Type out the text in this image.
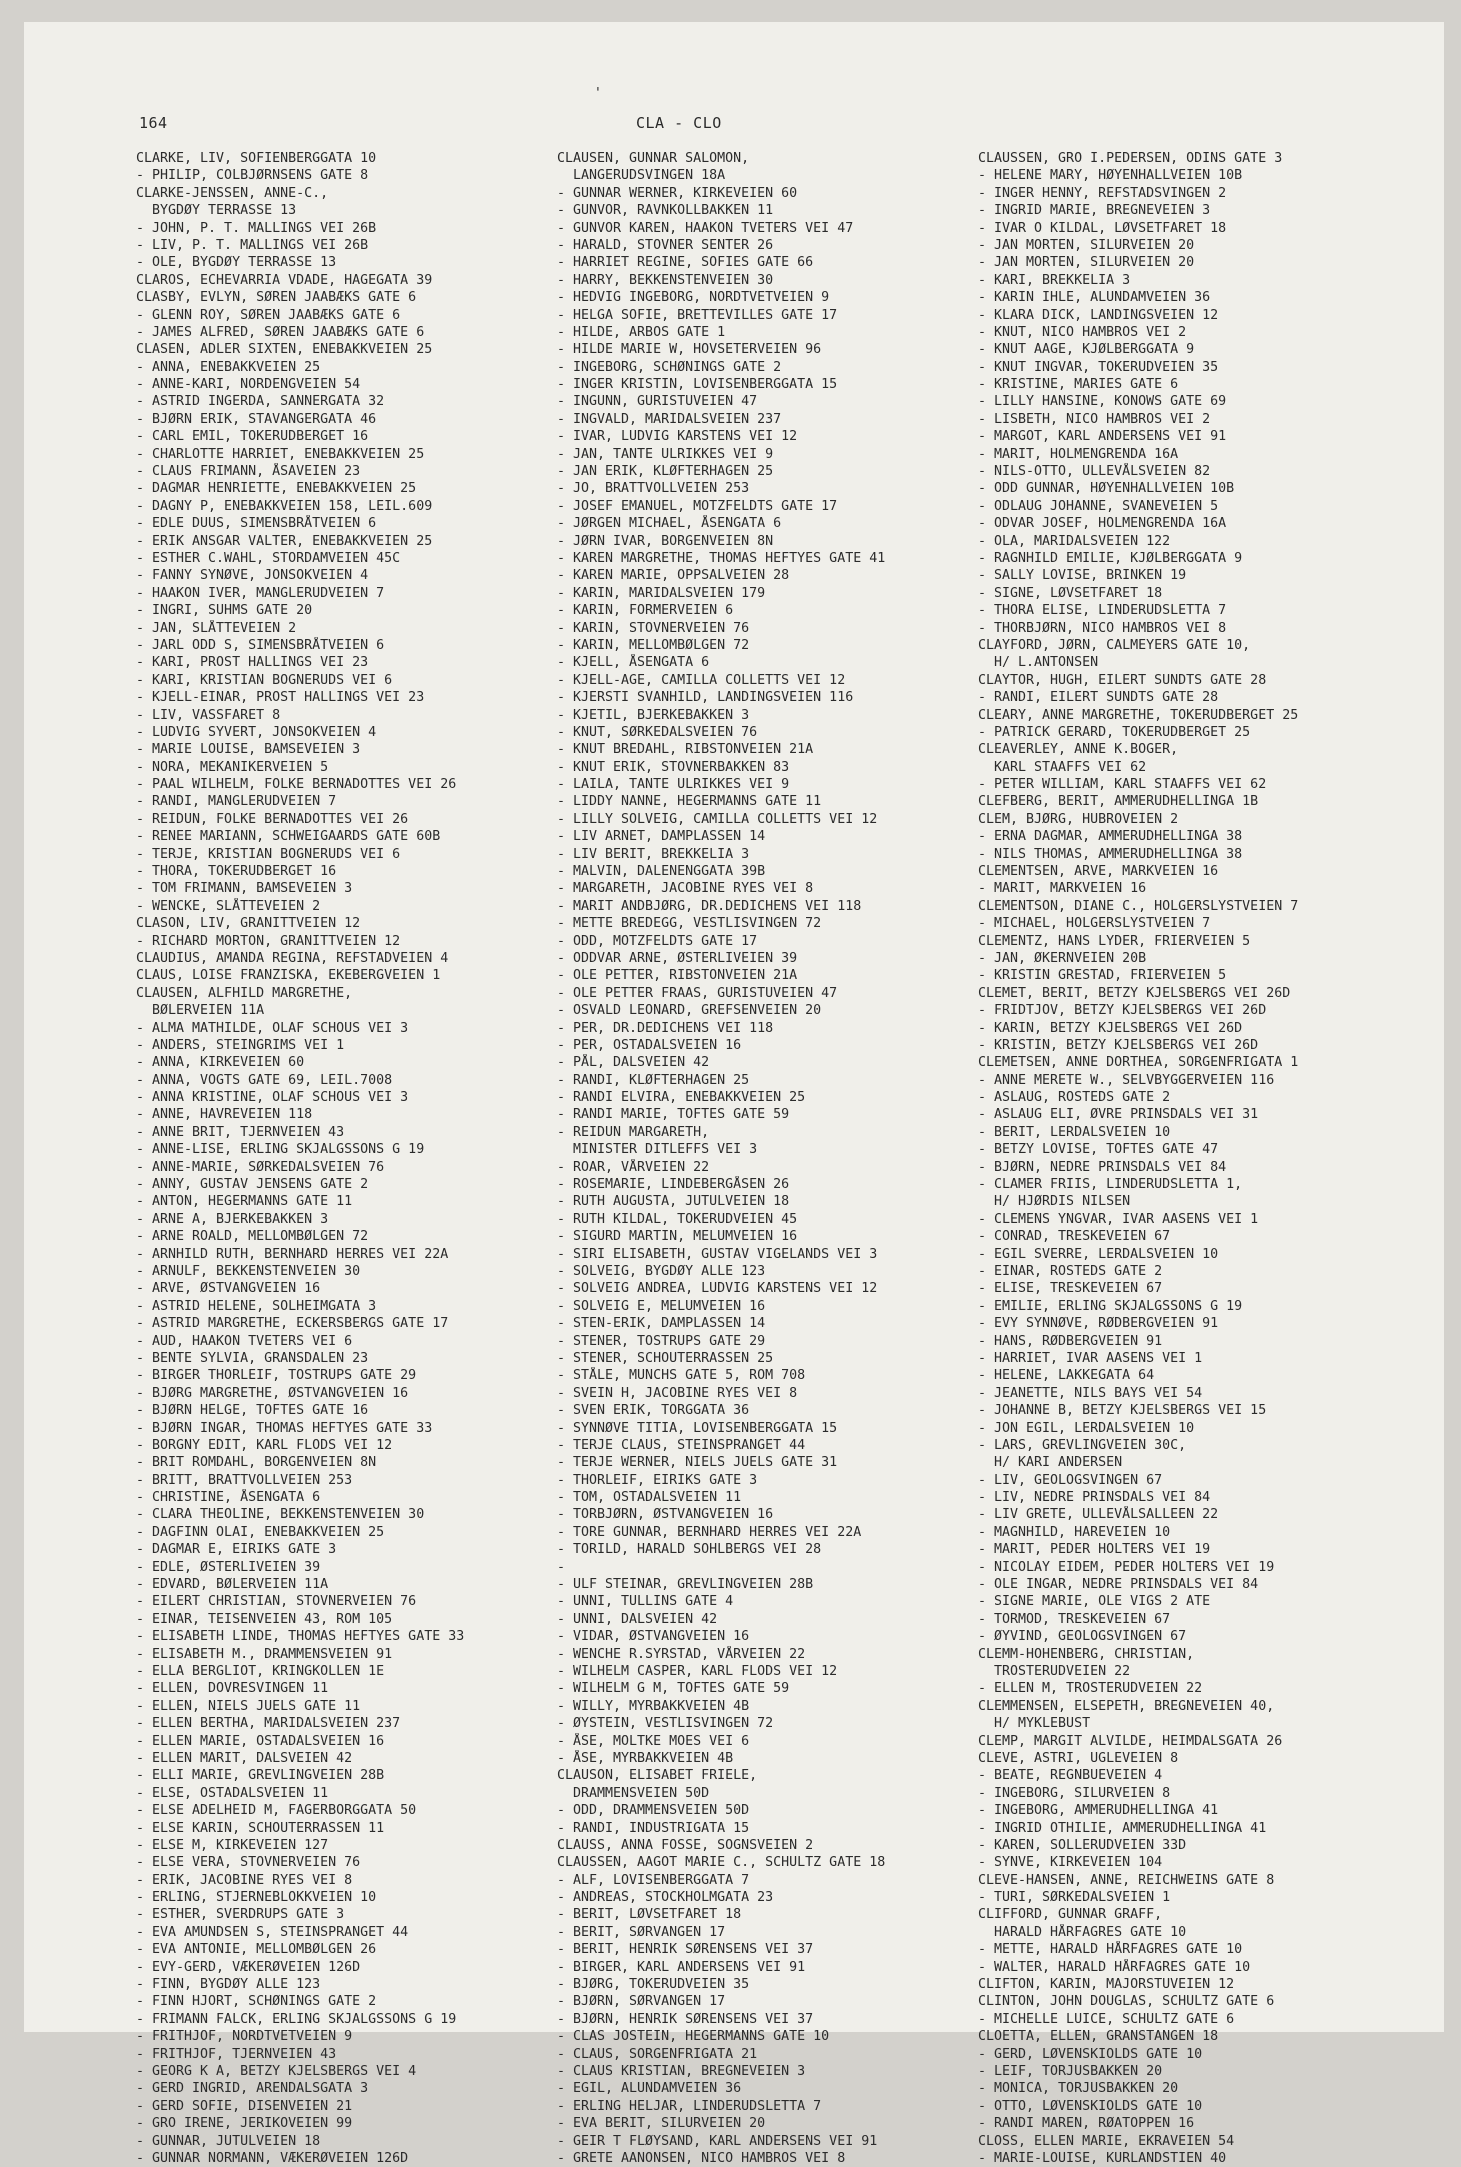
164
'
CLA - CLO
CLARKE, LIV, SOFIENBERGGATA 10
- PHILIP, COLBJØRNSENS GATE 8
CLARKE-JENSSEN, ANNE-C.,
BYGDØY TERRASSE 13
- JOHN, P. T. MALLINGS VEI 26B
- LIV, P. T. MALLINGS VEI 26B
- OLE, BYGDØY TERRASSE 13
CLAROS, ECHEVARRIA VDADE, HAGEGATA 39
CLASBY, EVLYN, SØREN JAABÆKS GATE 6
- GLENN ROY, SØREN JAABÆKS GATE 6
- JAMES ALFRED, SØREN JAABÆKS GATE 6
CLASEN, ADLER SIXTEN, ENEBAKKVEIEN 25
- ANNA, ENEBAKKVEIEN 25
- ANNE-KARI, NORDENGVEIEN 54
- ASTRID INGERDA, SANNERGATA 32
- BJØRN ERIK, STAVANGERGATA 46
- CARL EMIL, TOKERUDBERGET 16
- CHARLOTTE HARRIET, ENEBAKKVEIEN 25
- CLAUS FRIMANN, ÅSAVEIEN 23
- DAGMAR HENRIETTE, ENEBAKKVEIEN 25
- DAGNY P, ENEBAKKVEIEN 158, LEIL.609
- EDLE DUUS, SIMENSBRÅTVEIEN 6
- ERIK ANSGAR VALTER, ENEBAKKVEIEN 25
- ESTHER C.WAHL, STORDAMVEIEN 45C
- FANNY SYNØVE, JONSOKVEIEN 4
- HAAKON IVER, MANGLERUDVEIEN 7
- INGRI, SUHMS GATE 20
- JAN, SLÅTTEVEIEN 2
- JARL ODD S, SIMENSBRÅTVEIEN 6
- KARI, PROST HALLINGS VEI 23
- KARI, KRISTIAN BOGNERUDS VEI 6
- KJELL-EINAR, PROST HALLINGS VEI 23
- LIV, VASSFARET 8
- LUDVIG SYVERT, JONSOKVEIEN 4
- MARIE LOUISE, BAMSEVEIEN 3
- NORA, MEKANIKERVEIEN 5
- PAAL WILHELM, FOLKE BERNADOTTES VEI 26
- RANDI, MANGLERUDVEIEN 7
- REIDUN, FOLKE BERNADOTTES VEI 26
- RENEE MARIANN, SCHWEIGAARDS GATE 60B
- TERJE, KRISTIAN BOGNERUDS VEI 6
- THORA, TOKERUDBERGET 16
- TOM FRIMANN, BAMSEVEIEN 3
- WENCKE, SLÅTTEVEIEN 2
CLASON, LIV, GRANITTVEIEN 12
- RICHARD MORTON, GRANITTVEIEN 12
CLAUDIUS, AMANDA REGINA, REFSTADVEIEN 4
CLAUS, LOISE FRANZISKA, EKEBERGVEIEN 1
CLAUSEN, ALFHILD MARGRETHE,
BØLERVEIEN 11A
- ALMA MATHILDE, OLAF SCHOUS VEI 3
- ANDERS, STEINGRIMS VEI 1
- ANNA, KIRKEVEIEN 60
- ANNA, VOGTS GATE 69, LEIL.7008
- ANNA KRISTINE, OLAF SCHOUS VEI 3
- ANNE, HAVREVEIEN 118
- ANNE BRIT, TJERNVEIEN 43
- ANNE-LISE, ERLING SKJALGSSONS G 19
- ANNE-MARIE, SØRKEDALSVEIEN 76
- ANNY, GUSTAV JENSENS GATE 2
- ANTON, HEGERMANNS GATE 11
- ARNE A, BJERKEBAKKEN 3
- ARNE ROALD, MELLOMBØLGEN 72
- ARNHILD RUTH, BERNHARD HERRES VEI 22A
- ARNULF, BEKKENSTENVEIEN 30
- ARVE, ØSTVANGVEIEN 16
- ASTRID HELENE, SOLHEIMGATA 3
- ASTRID MARGRETHE, ECKERSBERGS GATE 17
- AUD, HAAKON TVETERS VEI 6
- BENTE SYLVIA, GRANSDALEN 23
- BIRGER THORLEIF, TOSTRUPS GATE 29
- BJØRG MARGRETHE, ØSTVANGVEIEN 16
- BJØRN HELGE, TOFTES GATE 16
- BJØRN INGAR, THOMAS HEFTYES GATE 33
- BORGNY EDIT, KARL FLODS VEI 12
- BRIT ROMDAHL, BORGENVEIEN 8N
- BRITT, BRATTVOLLVEIEN 253
- CHRISTINE, ÅSENGATA 6
- CLARA THEOLINE, BEKKENSTENVEIEN 30
- DAGFINN OLAI, ENEBAKKVEIEN 25
- DAGMAR E, EIRIKS GATE 3
- EDLE, ØSTERLIVEIEN 39
- EDVARD, BØLERVEIEN 11A
- EILERT CHRISTIAN, STOVNERVEIEN 76
- EINAR, TEISENVEIEN 43, ROM 105
- ELISABETH LINDE, THOMAS HEFTYES GATE 33
- ELISABETH M., DRAMMENSVEIEN 91
- ELLA BERGLIOT, KRINGKOLLEN 1E
- ELLEN, DOVRESVINGEN 11
- ELLEN, NIELS JUELS GATE 11
- ELLEN BERTHA, MARIDALSVEIEN 237
- ELLEN MARIE, OSTADALSVEIEN 16
- ELLEN MARIT, DALSVEIEN 42
- ELLI MARIE, GREVLINGVEIEN 28B
- ELSE, OSTADALSVEIEN 11
- ELSE ADELHEID M, FAGERBORGGATA 50
- ELSE KARIN, SCHOUTERRASSEN 11
- ELSE M, KIRKEVEIEN 127
- ELSE VERA, STOVNERVEIEN 76
- ERIK, JACOBINE RYES VEI 8
- ERLING, STJERNEBLOKKVEIEN 10
- ESTHER, SVERDRUPS GATE 3
- EVA AMUNDSEN S, STEINSPRANGET 44
- EVA ANTONIE, MELLOMBØLGEN 26
- EVY-GERD, VÆKERØVEIEN 126D
- FINN, BYGDØY ALLE 123
- FINN HJORT, SCHØNINGS GATE 2
- FRIMANN FALCK, ERLING SKJALGSSONS G 19
- FRITHJOF, NORDTVETVEIEN 9
- FRITHJOF, TJERNVEIEN 43
- GEORG K A, BETZY KJELSBERGS VEI 4
- GERD INGRID, ARENDALSGATA 3
- GERD SOFIE, DISENVEIEN 21
- GRO IRENE, JERIKOVEIEN 99
- GUNNAR, JUTULVEIEN 18
- GUNNAR NORMANN, VÆKERØVEIEN 126D
CLAUSEN, GUNNAR SALOMON,
LANGERUDSVINGEN 18A
- GUNNAR WERNER, KIRKEVEIEN 60
- GUNVOR, RAVNKOLLBAKKEN 11
- GUNVOR KAREN, HAAKON TVETERS VEI 47
- HARALD, STOVNER SENTER 26
- HARRIET REGINE, SOFIES GATE 66
- HARRY, BEKKENSTENVEIEN 30
- HEDVIG INGEBORG, NORDTVETVEIEN 9
- HELGA SOFIE, BRETTEVILLES GATE 17
- HILDE, ARBOS GATE 1
- HILDE MARIE W, HOVSETERVEIEN 96
- INGEBORG, SCHØNINGS GATE 2
- INGER KRISTIN, LOVISENBERGGATA 15
- INGUNN, GURISTUVEIEN 47
- INGVALD, MARIDALSVEIEN 237
- IVAR, LUDVIG KARSTENS VEI 12
- JAN, TANTE ULRIKKES VEI 9
- JAN ERIK, KLØFTERHAGEN 25
- JO, BRATTVOLLVEIEN 253
- JOSEF EMANUEL, MOTZFELDTS GATE 17
- JØRGEN MICHAEL, ÅSENGATA 6
- JØRN IVAR, BORGENVEIEN 8N
- KAREN MARGRETHE, THOMAS HEFTYES GATE 41
- KAREN MARIE, OPPSALVEIEN 28
- KARIN, MARIDALSVEIEN 179
- KARIN, FORMERVEIEN 6
- KARIN, STOVNERVEIEN 76
- KARIN, MELLOMBØLGEN 72
- KJELL, ÅSENGATA 6
- KJELL-AGE, CAMILLA COLLETTS VEI 12
- KJERSTI SVANHILD, LANDINGSVEIEN 116
- KJETIL, BJERKEBAKKEN 3
- KNUT, SØRKEDALSVEIEN 76
- KNUT BREDAHL, RIBSTONVEIEN 21A
- KNUT ERIK, STOVNERBAKKEN 83
- LAILA, TANTE ULRIKKES VEI 9
- LIDDY NANNE, HEGERMANNS GATE 11
- LILLY SOLVEIG, CAMILLA COLLETTS VEI 12
- LIV ARNET, DAMPLASSEN 14
- LIV BERIT, BREKKELIA 3
- MALVIN, DALENENGGATA 39B
- MARGARETH, JACOBINE RYES VEI 8
- MARIT ANDBJØRG, DR.DEDICHENS VEI 118
- METTE BREDEGG, VESTLISVINGEN 72
- ODD, MOTZFELDTS GATE 17
- ODDVAR ARNE, ØSTERLIVEIEN 39
- OLE PETTER, RIBSTONVEIEN 21A
- OLE PETTER FRAAS, GURISTUVEIEN 47
- OSVALD LEONARD, GREFSENVEIEN 20
- PER, DR.DEDICHENS VEI 118
- PER, OSTADALSVEIEN 16
- PÅL, DALSVEIEN 42
- RANDI, KLØFTERHAGEN 25
- RANDI ELVIRA, ENEBAKKVEIEN 25
- RANDI MARIE, TOFTES GATE 59
- REIDUN MARGARETH,
MINISTER DITLEFFS VEI 3
- ROAR, VÅRVEIEN 22
- ROSEMARIE, LINDEBERGÅSEN 26
- RUTH AUGUSTA, JUTULVEIEN 18
- RUTH KILDAL, TOKERUDVEIEN 45
- SIGURD MARTIN, MELUMVEIEN 16
- SIRI ELISABETH, GUSTAV VIGELANDS VEI 3
- SOLVEIG, BYGDØY ALLE 123
- SOLVEIG ANDREA, LUDVIG KARSTENS VEI 12
- SOLVEIG E, MELUMVEIEN 16
- STEN-ERIK, DAMPLASSEN 14
- STENER, TOSTRUPS GATE 29
- STENER, SCHOUTERRASSEN 25
- STÅLE, MUNCHS GATE 5, ROM 708
- SVEIN H, JACOBINE RYES VEI 8
- SVEN ERIK, TORGGATA 36
- SYNNØVE TITIA, LOVISENBERGGATA 15
- TERJE CLAUS, STEINSPRANGET 44
- TERJE WERNER, NIELS JUELS GATE 31
- THORLEIF, EIRIKS GATE 3
- TOM, OSTADALSVEIEN 11
- TORBJØRN, ØSTVANGVEIEN 16
- TORE GUNNAR, BERNHARD HERRES VEI 22A
- TORILD, HARALD SOHLBERGS VEI 28
-
- ULF STEINAR, GREVLINGVEIEN 28B
- UNNI, TULLINS GATE 4
- UNNI, DALSVEIEN 42
- VIDAR, ØSTVANGVEIEN 16
- WENCHE R.SYRSTAD, VÅRVEIEN 22
- WILHELM CASPER, KARL FLODS VEI 12
- WILHELM G M, TOFTES GATE 59
- WILLY, MYRBAKKVEIEN 4B
- ØYSTEIN, VESTLISVINGEN 72
- ÅSE, MOLTKE MOES VEI 6
- ÅSE, MYRBAKKVEIEN 4B
CLAUSON, ELISABET FRIELE,
DRAMMENSVEIEN 50D
- ODD, DRAMMENSVEIEN 50D
- RANDI, INDUSTRIGATA 15
CLAUSS, ANNA FOSSE, SOGNSVEIEN 2
CLAUSSEN, AAGOT MARIE C., SCHULTZ GATE 18
- ALF, LOVISENBERGGATA 7
- ANDREAS, STOCKHOLMGATA 23
- BERIT, LØVSETFARET 18
- BERIT, SØRVANGEN 17
- BERIT, HENRIK SØRENSENS VEI 37
- BIRGER, KARL ANDERSENS VEI 91
- BJØRG, TOKERUDVEIEN 35
- BJØRN, SØRVANGEN 17
- BJØRN, HENRIK SØRENSENS VEI 37
- CLAS JOSTEIN, HEGERMANNS GATE 10
- CLAUS, SORGENFRIGATA 21
- CLAUS KRISTIAN, BREGNEVEIEN 3
- EGIL, ALUNDAMVEIEN 36
- ERLING HELJAR, LINDERUDSLETTA 7
- EVA BERIT, SILURVEIEN 20
- GEIR T FLØYSAND, KARL ANDERSENS VEI 91
- GRETE AANONSEN, NICO HAMBROS VEI 8
CLAUSSEN, GRO I.PEDERSEN, ODINS GATE 3
- HELENE MARY, HØYENHALLVEIEN 10B
- INGER HENNY, REFSTADSVINGEN 2
- INGRID MARIE, BREGNEVEIEN 3
- IVAR O KILDAL, LØVSETFARET 18
- JAN MORTEN, SILURVEIEN 20
- JAN MORTEN, SILURVEIEN 20
- KARI, BREKKELIA 3
- KARIN IHLE, ALUNDAMVEIEN 36
- KLARA DICK, LANDINGSVEIEN 12
- KNUT, NICO HAMBROS VEI 2
- KNUT AAGE, KJØLBERGGATA 9
- KNUT INGVAR, TOKERUDVEIEN 35
- KRISTINE, MARIES GATE 6
- LILLY HANSINE, KONOWS GATE 69
- LISBETH, NICO HAMBROS VEI 2
- MARGOT, KARL ANDERSENS VEI 91
- MARIT, HOLMENGRENDA 16A
- NILS-OTTO, ULLEVÅLSVEIEN 82
- ODD GUNNAR, HØYENHALLVEIEN 10B
- ODLAUG JOHANNE, SVANEVEIEN 5
- ODVAR JOSEF, HOLMENGRENDA 16A
- OLA, MARIDALSVEIEN 122
- RAGNHILD EMILIE, KJØLBERGGATA 9
- SALLY LOVISE, BRINKEN 19
- SIGNE, LØVSETFARET 18
- THORA ELISE, LINDERUDSLETTA 7
- THORBJØRN, NICO HAMBROS VEI 8
CLAYFORD, JØRN, CALMEYERS GATE 10,
H/ L.ANTONSEN
CLAYTOR, HUGH, EILERT SUNDTS GATE 28
- RANDI, EILERT SUNDTS GATE 28
CLEARY, ANNE MARGRETHE, TOKERUDBERGET 25
- PATRICK GERARD, TOKERUDBERGET 25
CLEAVERLEY, ANNE K.BOGER,
KARL STAAFFS VEI 62
- PETER WILLIAM, KARL STAAFFS VEI 62
CLEFBERG, BERIT, AMMERUDHELLINGA 1B
CLEM, BJØRG, HUBROVEIEN 2
- ERNA DAGMAR, AMMERUDHELLINGA 38
- NILS THOMAS, AMMERUDHELLINGA 38
CLEMENTSEN, ARVE, MARKVEIEN 16
- MARIT, MARKVEIEN 16
CLEMENTSON, DIANE C., HOLGERSLYSTVEIEN 7
- MICHAEL, HOLGERSLYSTVEIEN 7
CLEMENTZ, HANS LYDER, FRIERVEIEN 5
- JAN, ØKERNVEIEN 20B
- KRISTIN GRESTAD, FRIERVEIEN 5
CLEMET, BERIT, BETZY KJELSBERGS VEI 26D
- FRIDTJOV, BETZY KJELSBERGS VEI 26D
- KARIN, BETZY KJELSBERGS VEI 26D
- KRISTIN, BETZY KJELSBERGS VEI 26D
CLEMETSEN, ANNE DORTHEA, SORGENFRIGATA 1
- ANNE MERETE W., SELVBYGGERVEIEN 116
- ASLAUG, ROSTEDS GATE 2
- ASLAUG ELI, ØVRE PRINSDALS VEI 31
- BERIT, LERDALSVEIEN 10
- BETZY LOVISE, TOFTES GATE 47
- BJØRN, NEDRE PRINSDALS VEI 84
- CLAMER FRIIS, LINDERUDSLETTA 1,
H/ HJØRDIS NILSEN
- CLEMENS YNGVAR, IVAR AASENS VEI 1
- CONRAD, TRESKEVEIEN 67
- EGIL SVERRE, LERDALSVEIEN 10
- EINAR, ROSTEDS GATE 2
- ELISE, TRESKEVEIEN 67
- EMILIE, ERLING SKJALGSSONS G 19
- EVY SYNNØVE, RØDBERGVEIEN 91
- HANS, RØDBERGVEIEN 91
- HARRIET, IVAR AASENS VEI 1
- HELENE, LAKKEGATA 64
- JEANETTE, NILS BAYS VEI 54
- JOHANNE B, BETZY KJELSBERGS VEI 15
- JON EGIL, LERDALSVEIEN 10
- LARS, GREVLINGVEIEN 30C,
H/ KARI ANDERSEN
- LIV, GEOLOGSVINGEN 67
- LIV, NEDRE PRINSDALS VEI 84
- LIV GRETE, ULLEVÅLSALLEEN 22
- MAGNHILD, HAREVEIEN 10
- MARIT, PEDER HOLTERS VEI 19
- NICOLAY EIDEM, PEDER HOLTERS VEI 19
- OLE INGAR, NEDRE PRINSDALS VEI 84
- SIGNE MARIE, OLE VIGS 2 ATE
- TORMOD, TRESKEVEIEN 67
- ØYVIND, GEOLOGSVINGEN 67
CLEMM-HOHENBERG, CHRISTIAN,
TROSTERUDVEIEN 22
- ELLEN M, TROSTERUDVEIEN 22
CLEMMENSEN, ELSEPETH, BREGNEVEIEN 40,
H/ MYKLEBUST
CLEMP, MARGIT ALVILDE, HEIMDALSGATA 26
CLEVE, ASTRI, UGLEVEIEN 8
- BEATE, REGNBUEVEIEN 4
- INGEBORG, SILURVEIEN 8
- INGEBORG, AMMERUDHELLINGA 41
- INGRID OTHILIE, AMMERUDHELLINGA 41
- KAREN, SOLLERUDVEIEN 33D
- SYNVE, KIRKEVEIEN 104
CLEVE-HANSEN, ANNE, REICHWEINS GATE 8
- TURI, SØRKEDALSVEIEN 1
CLIFFORD, GUNNAR GRAFF,
HARALD HÅRFAGRES GATE 10
- METTE, HARALD HÅRFAGRES GATE 10
- WALTER, HARALD HÅRFAGRES GATE 10
CLIFTON, KARIN, MAJORSTUVEIEN 12
CLINTON, JOHN DOUGLAS, SCHULTZ GATE 6
- MICHELLE LUICE, SCHULTZ GATE 6
CLOETTA, ELLEN, GRANSTANGEN 18
- GERD, LØVENSKIOLDS GATE 10
- LEIF, TORJUSBAKKEN 20
- MONICA, TORJUSBAKKEN 20
- OTTO, LØVENSKIOLDS GATE 10
- RANDI MAREN, RØATOPPEN 16
CLOSS, ELLEN MARIE, EKRAVEIEN 54
- MARIE-LOUISE, KURLANDSTIEN 40
